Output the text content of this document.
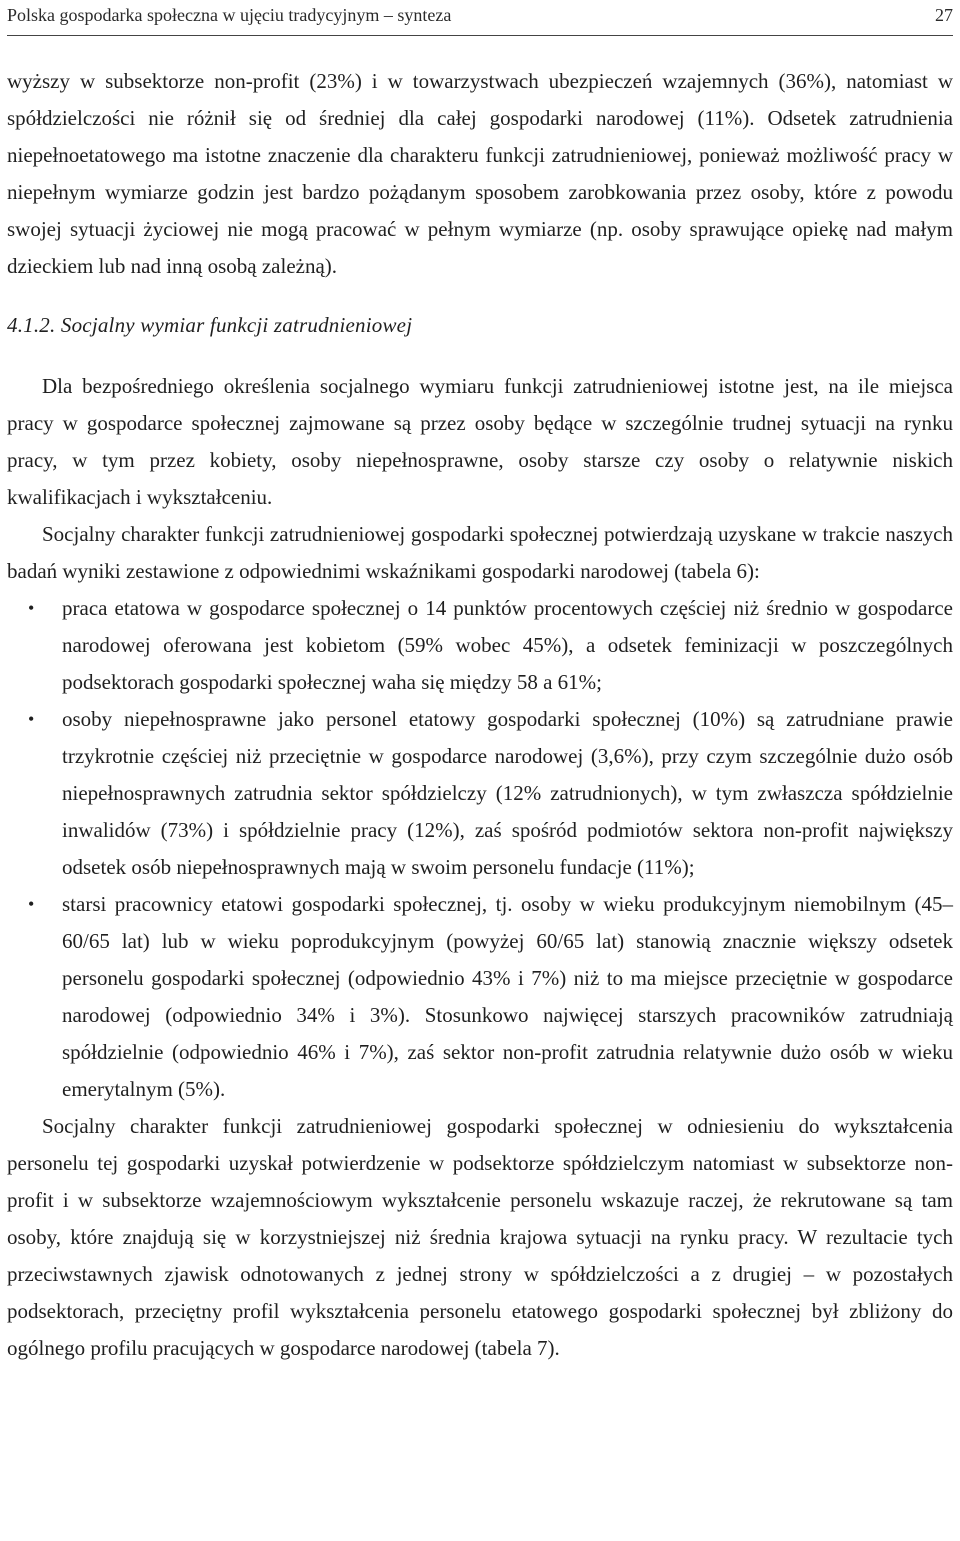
Polska gospodarka społeczna w ujęciu tradycyjnym – synteza	27

wyższy w subsektorze non-profit (23%) i w towarzystwach ubezpieczeń wzajemnych (36%), natomiast w spółdzielczości nie różnił się od średniej dla całej gospodarki narodowej (11%). Odsetek zatrudnienia niepełnoetatowego ma istotne znaczenie dla charakteru funkcji zatrudnieniowej, ponieważ możliwość pracy w niepełnym wymiarze godzin jest bardzo pożądanym sposobem zarobkowania przez osoby, które z powodu swojej sytuacji życiowej nie mogą pracować w pełnym wymiarze (np. osoby sprawujące opiekę nad małym dzieckiem lub nad inną osobą zależną).

4.1.2. Socjalny wymiar funkcji zatrudnieniowej

Dla bezpośredniego określenia socjalnego wymiaru funkcji zatrudnieniowej istotne jest, na ile miejsca pracy w gospodarce społecznej zajmowane są przez osoby będące w szczególnie trudnej sytuacji na rynku pracy, w tym przez kobiety, osoby niepełnosprawne, osoby starsze czy osoby o relatywnie niskich kwalifikacjach i wykształceniu.

Socjalny charakter funkcji zatrudnieniowej gospodarki społecznej potwierdzają uzyskane w trakcie naszych badań wyniki zestawione z odpowiednimi wskaźnikami gospodarki narodowej (tabela 6):

• praca etatowa w gospodarce społecznej o 14 punktów procentowych częściej niż średnio w gospodarce narodowej oferowana jest kobietom (59% wobec 45%), a odsetek feminizacji w poszczególnych podsektorach gospodarki społecznej waha się między 58 a 61%;
• osoby niepełnosprawne jako personel etatowy gospodarki społecznej (10%) są zatrudniane prawie trzykrotnie częściej niż przeciętnie w gospodarce narodowej (3,6%), przy czym szczególnie dużo osób niepełnosprawnych zatrudnia sektor spółdzielczy (12% zatrudnionych), w tym zwłaszcza spółdzielnie inwalidów (73%) i spółdzielnie pracy (12%), zaś spośród podmiotów sektora non-profit największy odsetek osób niepełnosprawnych mają w swoim personelu fundacje (11%);
• starsi pracownicy etatowi gospodarki społecznej, tj. osoby w wieku produkcyjnym niemobilnym (45–60/65 lat) lub w wieku poprodukcyjnym (powyżej 60/65 lat) stanowią znacznie większy odsetek personelu gospodarki społecznej (odpowiednio 43% i 7%) niż to ma miejsce przeciętnie w gospodarce narodowej (odpowiednio 34% i 3%). Stosunkowo najwięcej starszych pracowników zatrudniają spółdzielnie (odpowiednio 46% i 7%), zaś sektor non-profit zatrudnia relatywnie dużo osób w wieku emerytalnym (5%).

Socjalny charakter funkcji zatrudnieniowej gospodarki społecznej w odniesieniu do wykształcenia personelu tej gospodarki uzyskał potwierdzenie w podsektorze spółdzielczym natomiast w subsektorze non-profit i w subsektorze wzajemnościowym wykształcenie personelu wskazuje raczej, że rekrutowane są tam osoby, które znajdują się w korzystniejszej niż średnia krajowa sytuacji na rynku pracy. W rezultacie tych przeciwstawnych zjawisk odnotowanych z jednej strony w spółdzielczości a z drugiej – w pozostałych podsektorach, przeciętny profil wykształcenia personelu etatowego gospodarki społecznej był zbliżony do ogólnego profilu pracujących w gospodarce narodowej (tabela 7).
